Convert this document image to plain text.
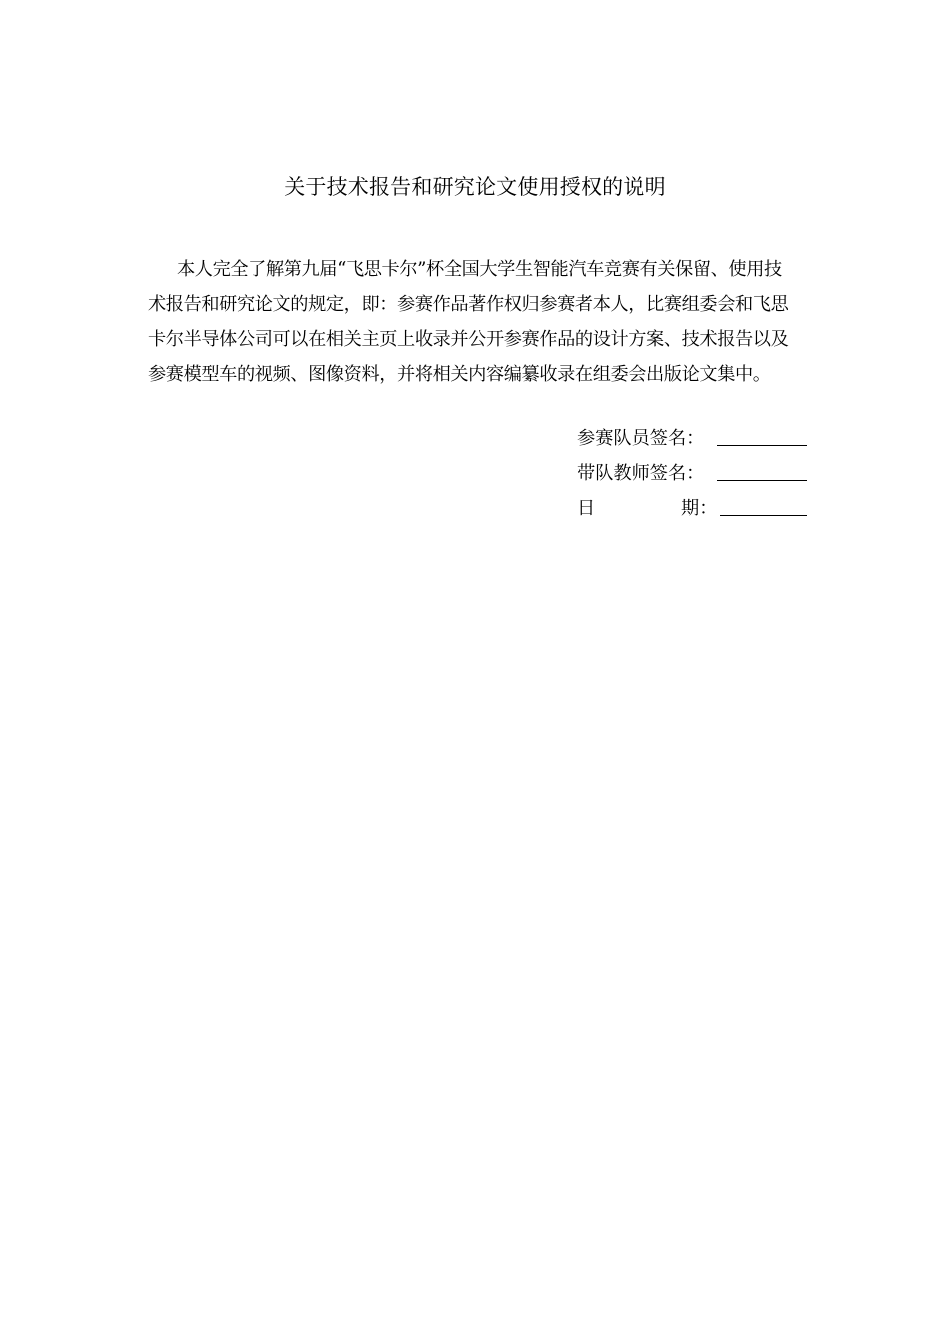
关于技术报告和研究论文使用授权的说明

本人完全了解第九届“飞思卡尔”杯全国大学生智能汽车竞赛有关保留、使用技
术报告和研究论文的规定，即：参赛作品著作权归参赛者本人，比赛组委会和飞思
卡尔半导体公司可以在相关主页上收录并公开参赛作品的设计方案、技术报告以及
参赛模型车的视频、图像资料，并将相关内容编纂收录在组委会出版论文集中。

参赛队员签名：
带队教师签名：
日	期：
